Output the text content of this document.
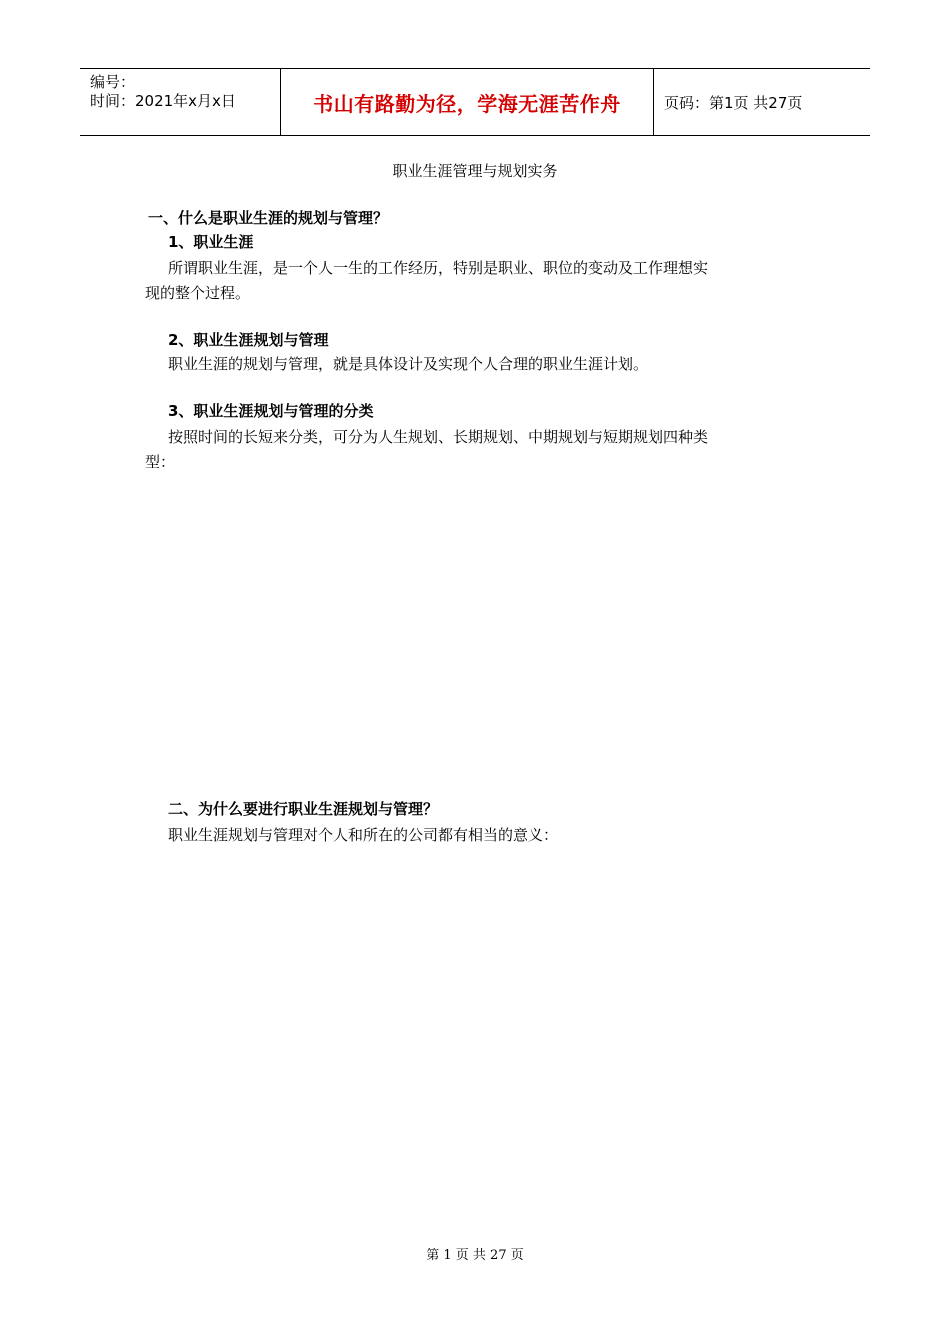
编号：
时间：2021年x月x日	书山有路勤为径，学海无涯苦作舟	页码：第1页 共27页
职业生涯管理与规划实务
一、什么是职业生涯的规划与管理？
1、职业生涯
所谓职业生涯，是一个人一生的工作经历，特别是职业、职位的变动及工作理想实
现的整个过程。
2、职业生涯规划与管理
职业生涯的规划与管理，就是具体设计及实现个人合理的职业生涯计划。
3、职业生涯规划与管理的分类
按照时间的长短来分类，可分为人生规划、长期规划、中期规划与短期规划四种类
型：
二、为什么要进行职业生涯规划与管理？
职业生涯规划与管理对个人和所在的公司都有相当的意义：
第 1 页 共 27 页
